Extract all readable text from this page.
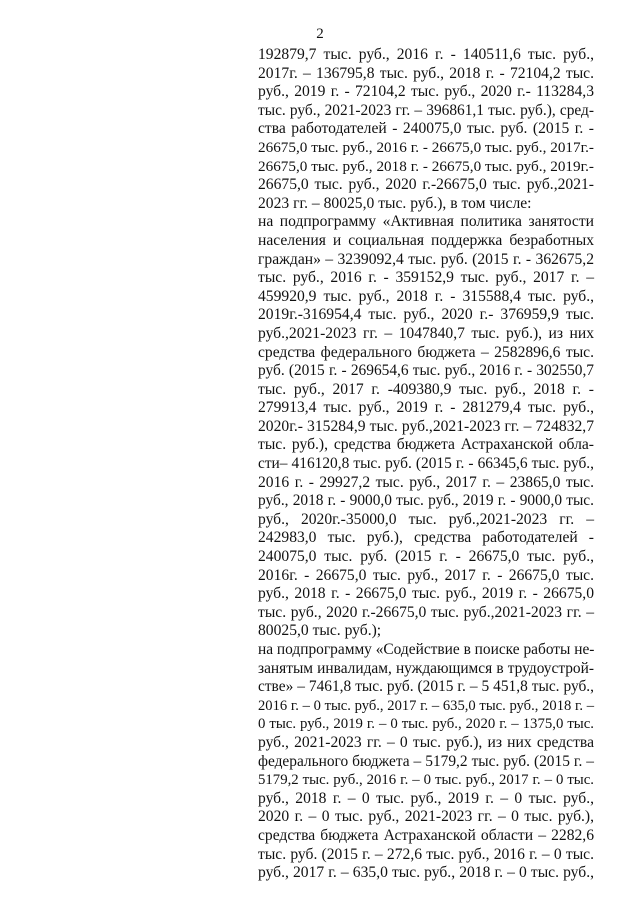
2
192879,7 тыс. руб., 2016 г. - 140511,6 тыс. руб.,
2017г. – 136795,8 тыс. руб., 2018 г. - 72104,2 тыс.
руб., 2019 г. - 72104,2 тыс. руб., 2020 г.- 113284,3
тыс. руб., 2021-2023 гг. – 396861,1 тыс. руб.), сред-
ства работодателей - 240075,0 тыс. руб. (2015 г. -
26675,0 тыс. руб., 2016 г. - 26675,0 тыс. руб., 2017г.-
26675,0 тыс. руб., 2018 г. - 26675,0 тыс. руб., 2019г.-
26675,0 тыс. руб., 2020 г.-26675,0 тыс. руб.,2021-
2023 гг. – 80025,0 тыс. руб.), в том числе:
на подпрограмму «Активная политика занятости
населения и социальная поддержка безработных
граждан» – 3239092,4 тыс. руб. (2015 г. - 362675,2
тыс. руб., 2016 г. - 359152,9 тыс. руб., 2017 г. –
459920,9 тыс. руб., 2018 г. - 315588,4 тыс. руб.,
2019г.-316954,4 тыс. руб., 2020 г.- 376959,9 тыс.
руб.,2021-2023 гг. – 1047840,7 тыс. руб.), из них
средства федерального бюджета – 2582896,6 тыс.
руб. (2015 г. - 269654,6 тыс. руб., 2016 г. - 302550,7
тыс. руб., 2017 г. -409380,9 тыс. руб., 2018 г. -
279913,4 тыс. руб., 2019 г. - 281279,4 тыс. руб.,
2020г.- 315284,9 тыс. руб.,2021-2023 гг. – 724832,7
тыс. руб.), средства бюджета Астраханской обла-
сти– 416120,8 тыс. руб. (2015 г. - 66345,6 тыс. руб.,
2016 г. - 29927,2 тыс. руб., 2017 г. – 23865,0 тыс.
руб., 2018 г. - 9000,0 тыс. руб., 2019 г. - 9000,0 тыс.
руб., 2020г.-35000,0 тыс. руб.,2021-2023 гг. –
242983,0 тыс. руб.), средства работодателей -
240075,0 тыс. руб. (2015 г. - 26675,0 тыс. руб.,
2016г. - 26675,0 тыс. руб., 2017 г. - 26675,0 тыс.
руб., 2018 г. - 26675,0 тыс. руб., 2019 г. - 26675,0
тыс. руб., 2020 г.-26675,0 тыс. руб.,2021-2023 гг. –
80025,0 тыс. руб.);
на подпрограмму «Содействие в поиске работы не-
занятым инвалидам, нуждающимся в трудоустрой-
стве» – 7461,8 тыс. руб. (2015 г. – 5 451,8 тыс. руб.,
2016 г. – 0 тыс. руб., 2017 г. – 635,0 тыс. руб., 2018 г. –
0 тыс. руб., 2019 г. – 0 тыс. руб., 2020 г. – 1375,0 тыс.
руб., 2021-2023 гг. – 0 тыс. руб.), из них средства
федерального бюджета – 5179,2 тыс. руб. (2015 г. –
5179,2 тыс. руб., 2016 г. – 0 тыс. руб., 2017 г. – 0 тыс.
руб., 2018 г. – 0 тыс. руб., 2019 г. – 0 тыс. руб.,
2020 г. – 0 тыс. руб., 2021-2023 гг. – 0 тыс. руб.),
средства бюджета Астраханской области – 2282,6
тыс. руб. (2015 г. – 272,6 тыс. руб., 2016 г. – 0 тыс.
руб., 2017 г. – 635,0 тыс. руб., 2018 г. – 0 тыс. руб.,
